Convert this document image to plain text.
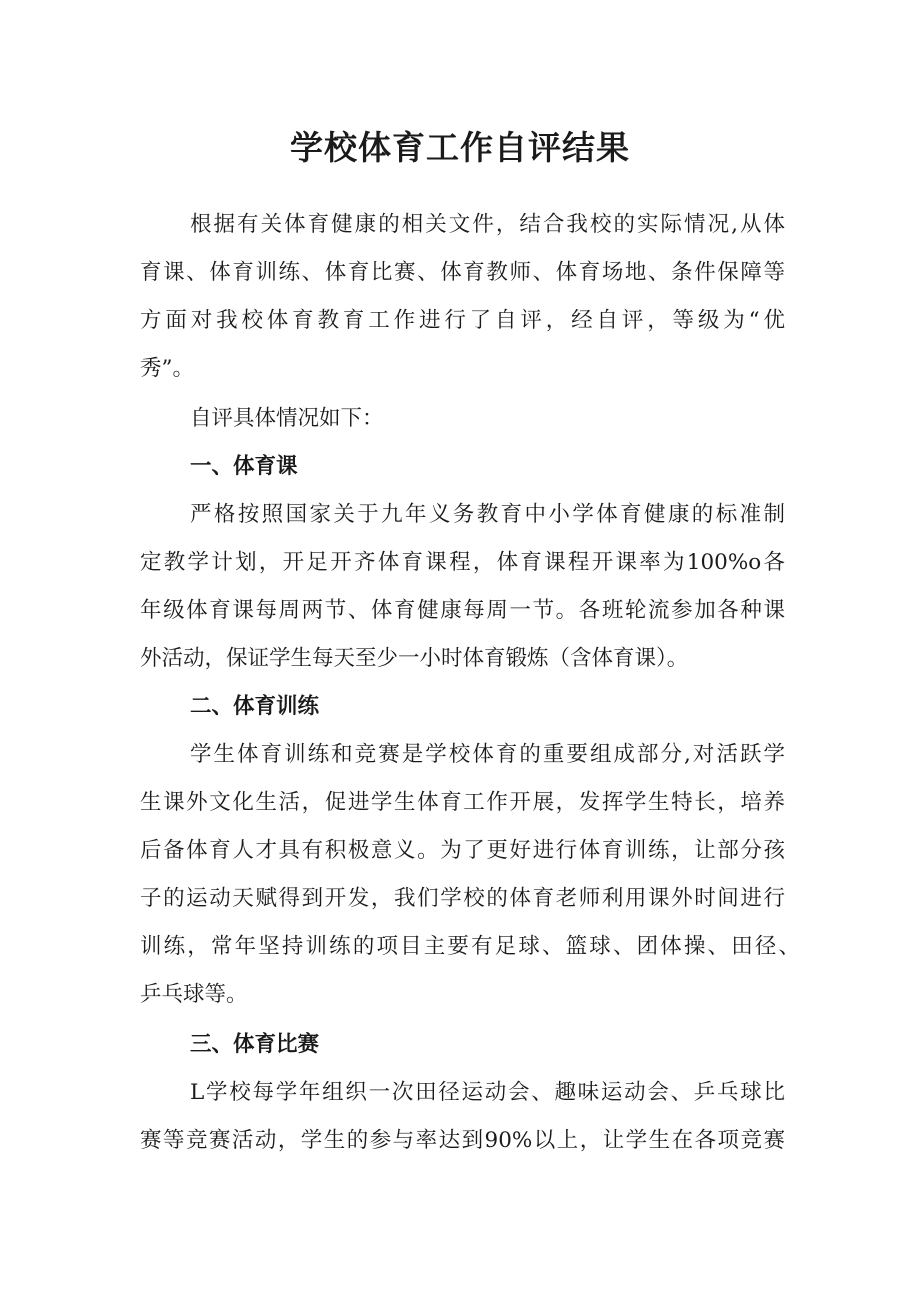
学校体育工作自评结果
根据有关体育健康的相关文件，结合我校的实际情况,从体
育课、体育训练、体育比赛、体育教师、体育场地、条件保障等
方面对我校体育教育工作进行了自评，经自评，等级为“优
秀”。
自评具体情况如下：
一、体育课
严格按照国家关于九年义务教育中小学体育健康的标准制
定教学计划，开足开齐体育课程，体育课程开课率为100%o各
年级体育课每周两节、体育健康每周一节。各班轮流参加各种课
外活动，保证学生每天至少一小时体育锻炼（含体育课）。
二、体育训练
学生体育训练和竞赛是学校体育的重要组成部分,对活跃学
生课外文化生活，促进学生体育工作开展，发挥学生特长，培养
后备体育人才具有积极意义。为了更好进行体育训练，让部分孩
子的运动天赋得到开发，我们学校的体育老师利用课外时间进行
训练，常年坚持训练的项目主要有足球、篮球、团体操、田径、
乒乓球等。
三、体育比赛
L学校每学年组织一次田径运动会、趣味运动会、乒乓球比
赛等竞赛活动，学生的参与率达到90%以上，让学生在各项竞赛
